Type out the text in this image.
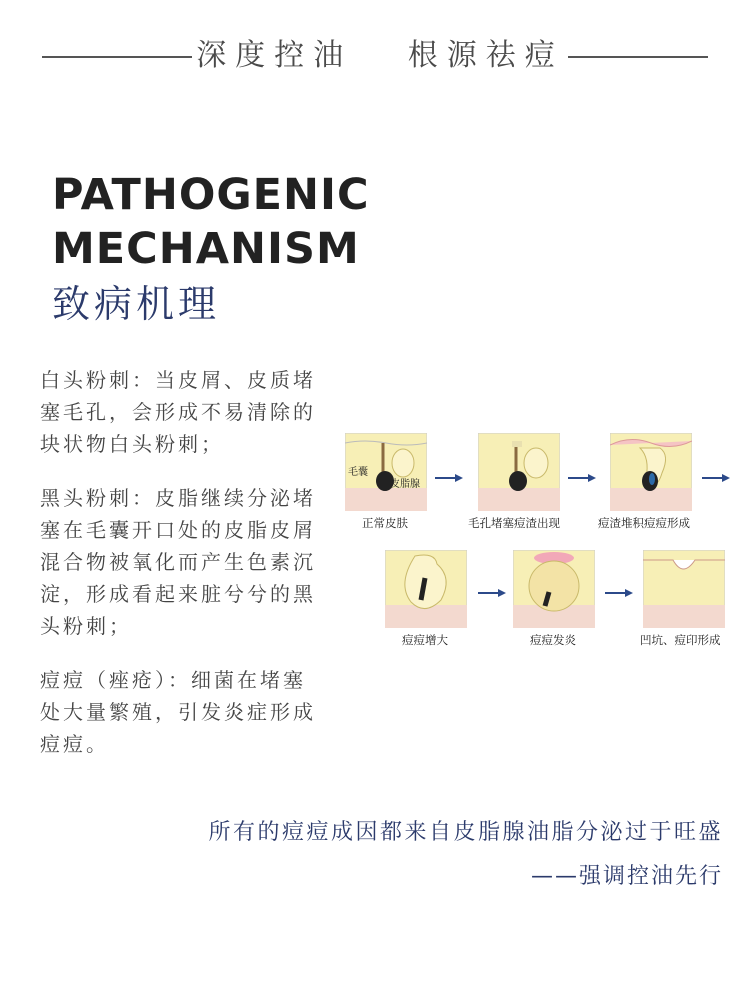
深度控油   根源祛痘
PATHOGENIC
MECHANISM
致病机理

白头粉刺：当皮屑、皮质堵塞毛孔，会形成不易清除的块状物白头粉刺；

黑头粉刺：皮脂继续分泌堵塞在毛囊开口处的皮脂皮屑混合物被氧化而产生色素沉淀，形成看起来脏兮兮的黑头粉刺；

痘痘（痤疮）：细菌在堵塞处大量繁殖，引发炎症形成痘痘。

毛囊
皮脂腺
正常皮肤	毛孔堵塞痘渣出现	痘渣堆积痘痘形成
痘痘增大	痘痘发炎	凹坑、痘印形成
所有的痘痘成因都来自皮脂腺油脂分泌过于旺盛
——强调控油先行
